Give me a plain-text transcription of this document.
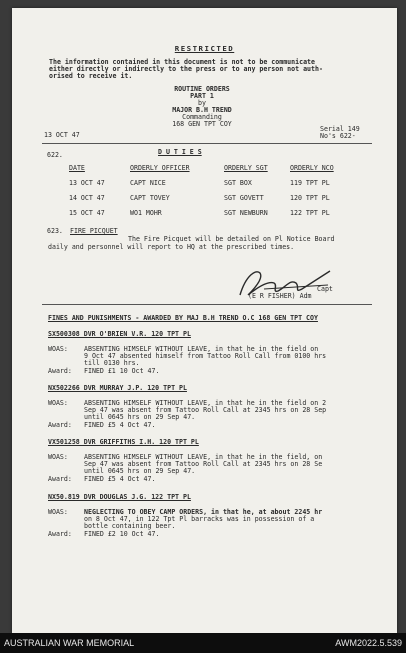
RESTRICTED
The information contained in this document is not to be communicate
either directly or indirectly to the press or to any person not auth-
orised to receive it.
ROUTINE ORDERS
PART 1
by
MAJOR B.H TREND
Commanding
168 GEN TPT COY
13 OCT 47
Serial 149
No's 622-
622.	D U T I E S
DATE	ORDERLY OFFICER	ORDERLY SGT	ORDERLY NCO
13 OCT 47	CAPT NICE	SGT BOX	119 TPT PL
14 OCT 47	CAPT TOVEY	SGT GOVETT	120 TPT PL
15 OCT 47	WO1 MOHR	SGT NEWBURN	122 TPT PL
623. FIRE PICQUET
The Fire Picquet will be detailed on Pl Notice Board
daily and personnel will report to HQ at the prescribed times.
Capt
(E R FISHER) Adm
FINES AND PUNISHMENTS - AWARDED BY MAJ B.H TREND O.C 168 GEN TPT COY
SX500308 DVR O'BRIEN V.R. 120 TPT PL
WOAS: ABSENTING HIMSELF WITHOUT LEAVE, in that he in the field on
9 Oct 47 absented himself from Tattoo Roll Call from 0100 hrs
till 0130 hrs.
Award: FINED £1 10 Oct 47.
NX502266 DVR MURRAY J.P. 120 TPT PL
WOAS: ABSENTING HIMSELF WITHOUT LEAVE, in that he in the field on 2
Sep 47 was absent from Tattoo Roll Call at 2345 hrs on 28 Sep
until 0645 hrs on 29 Sep 47.
Award: FINED £5 4 Oct 47.
VX501258 DVR GRIFFITHS I.H. 120 TPT PL
WOAS: ABSENTING HIMSELF WITHOUT LEAVE, in that he in the field, on
Sep 47 was absent from Tattoo Roll Call at 2345 hrs on 28 Se
until 0645 hrs on 29 Sep 47.
Award: FINED £5 4 Oct 47.
NX50.819 DVR DOUGLAS J.G. 122 TPT PL
WOAS: NEGLECTING TO OBEY CAMP ORDERS, in that he, at about 2245 hr
on 8 Oct 47, in 122 Tpt Pl barracks was in possession of a
bottle containing beer.
Award: FINED £2 10 Oct 47.
AUSTRALIAN WAR MEMORIAL	AWM2022.5.539
